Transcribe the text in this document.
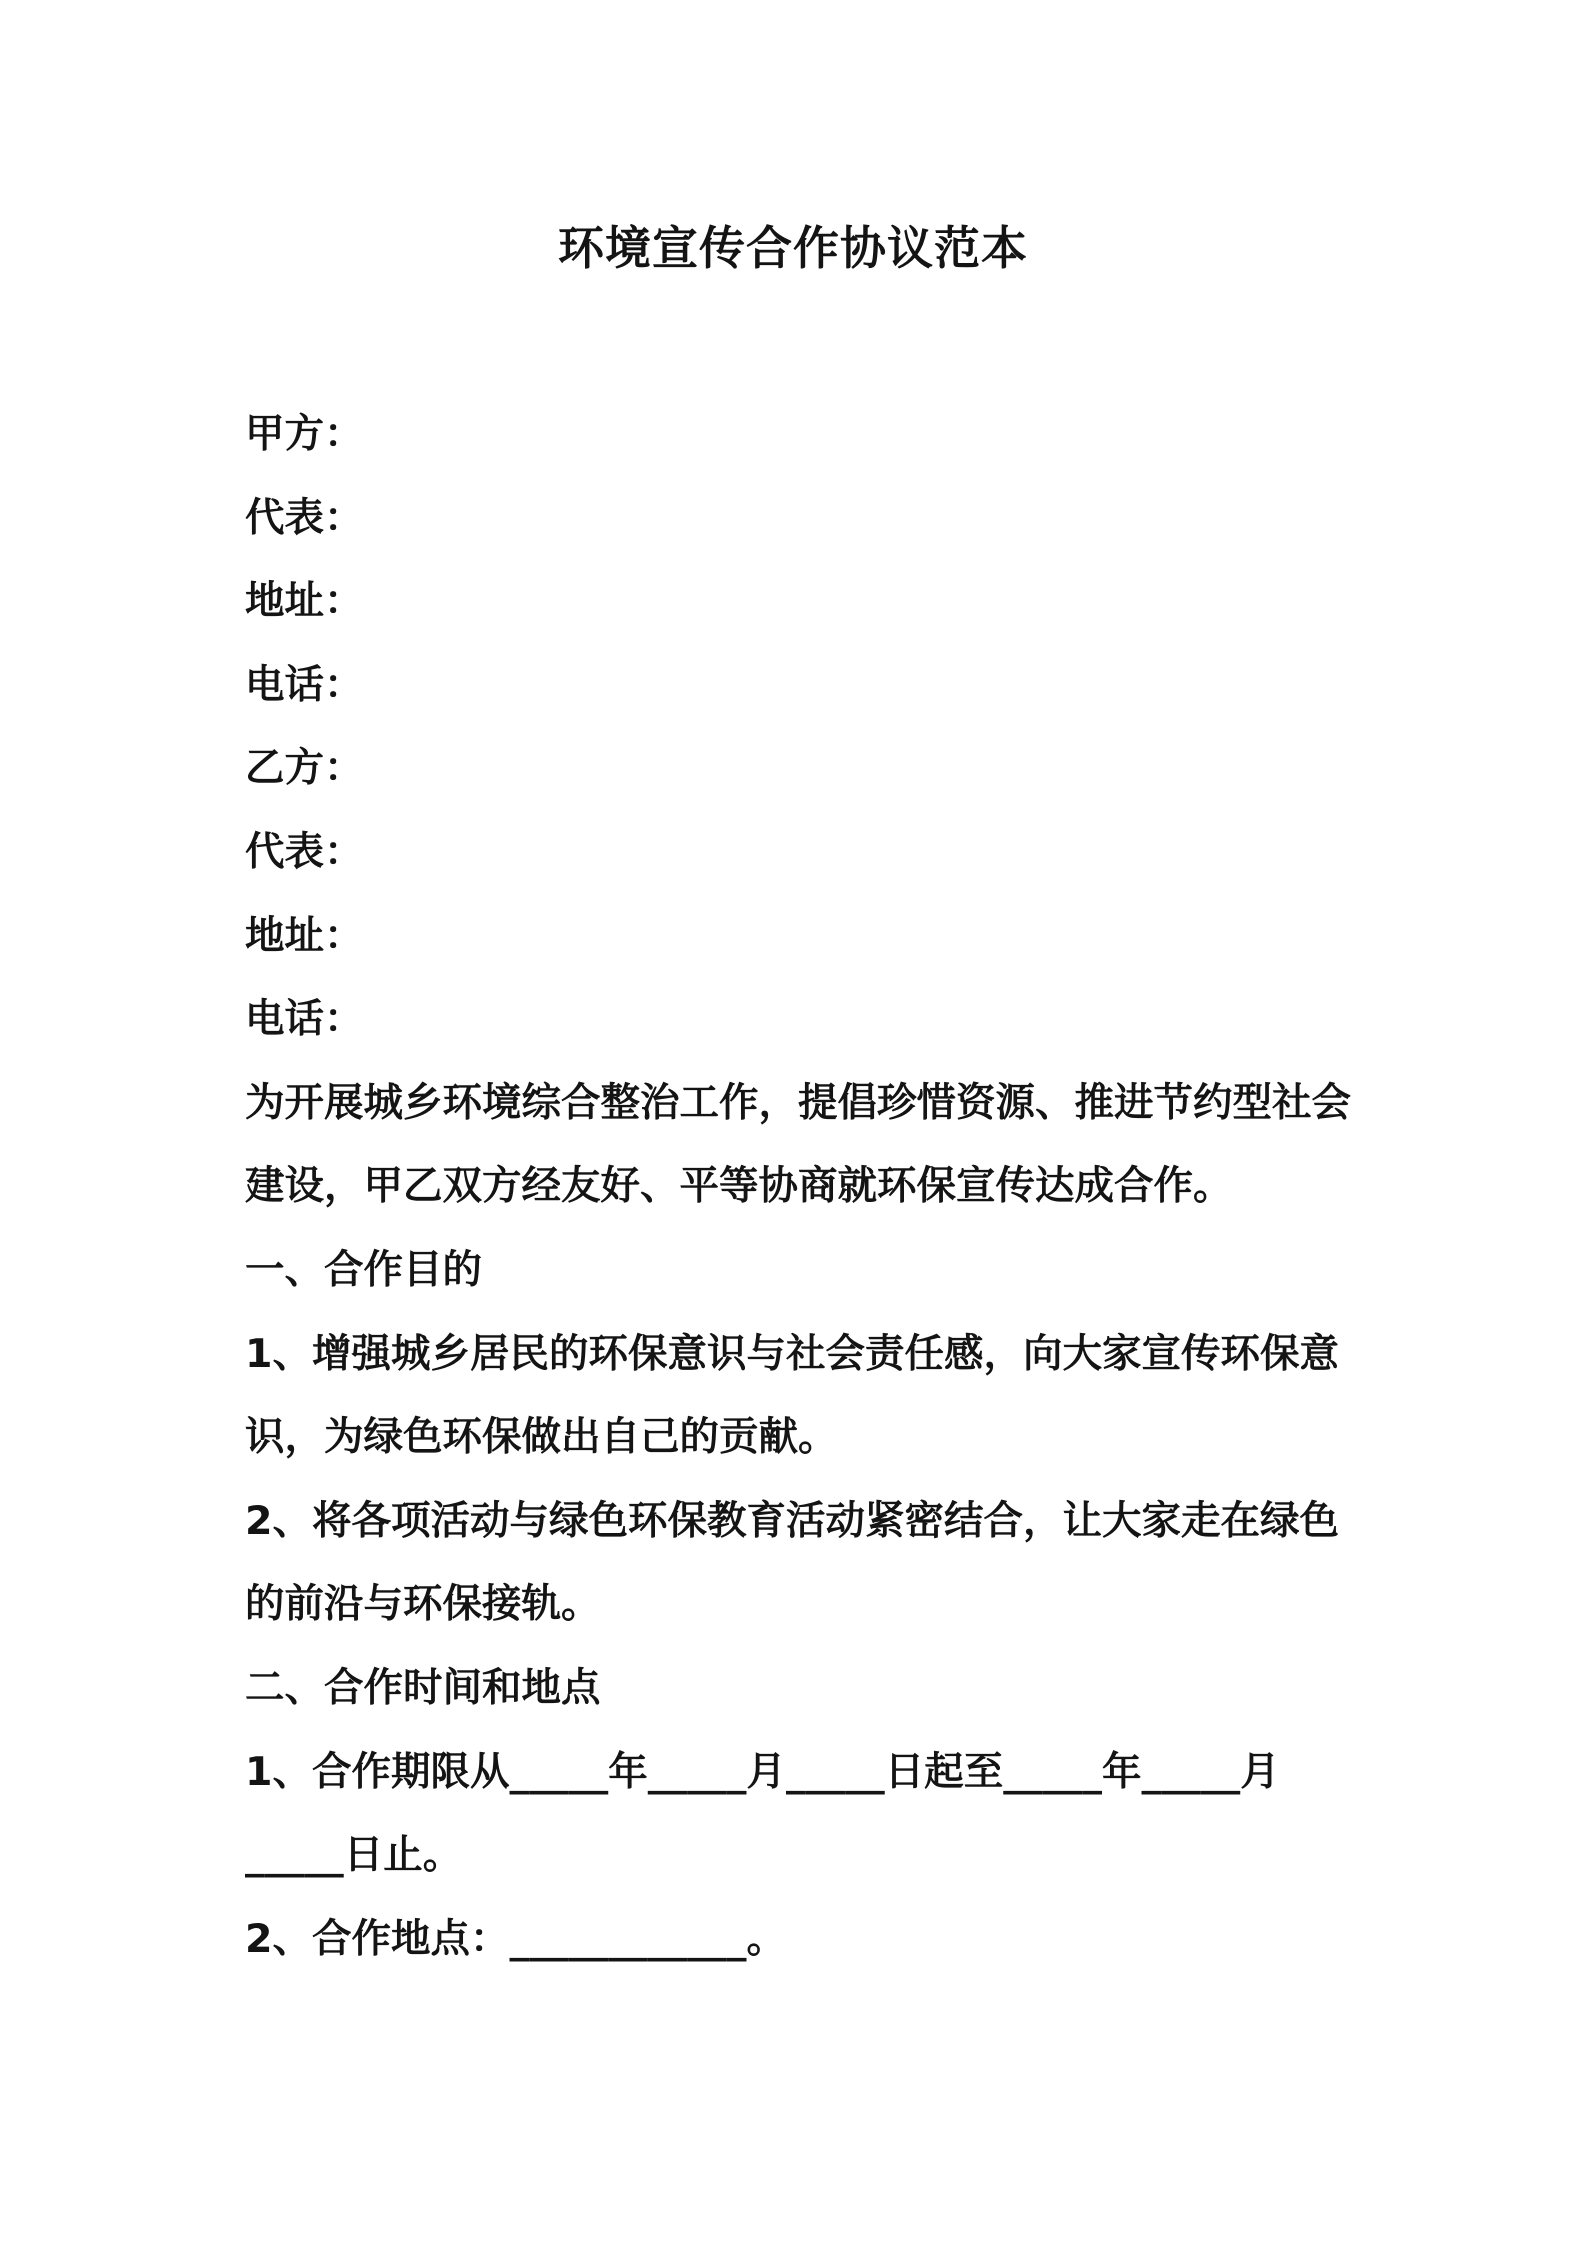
环境宣传合作协议范本
甲方：
代表：
地址：
电话：
乙方：
代表：
地址：
电话：
为开展城乡环境综合整治工作，提倡珍惜资源、推进节约型社会
建设，甲乙双方经友好、平等协商就环保宣传达成合作。
一、合作目的
1、增强城乡居民的环保意识与社会责任感，向大家宣传环保意
识，为绿色环保做出自己的贡献。
2、将各项活动与绿色环保教育活动紧密结合，让大家走在绿色
的前沿与环保接轨。
二、合作时间和地点
1、合作期限从_____年_____月_____日起至_____年_____月
_____日止。
2、合作地点：____________。
